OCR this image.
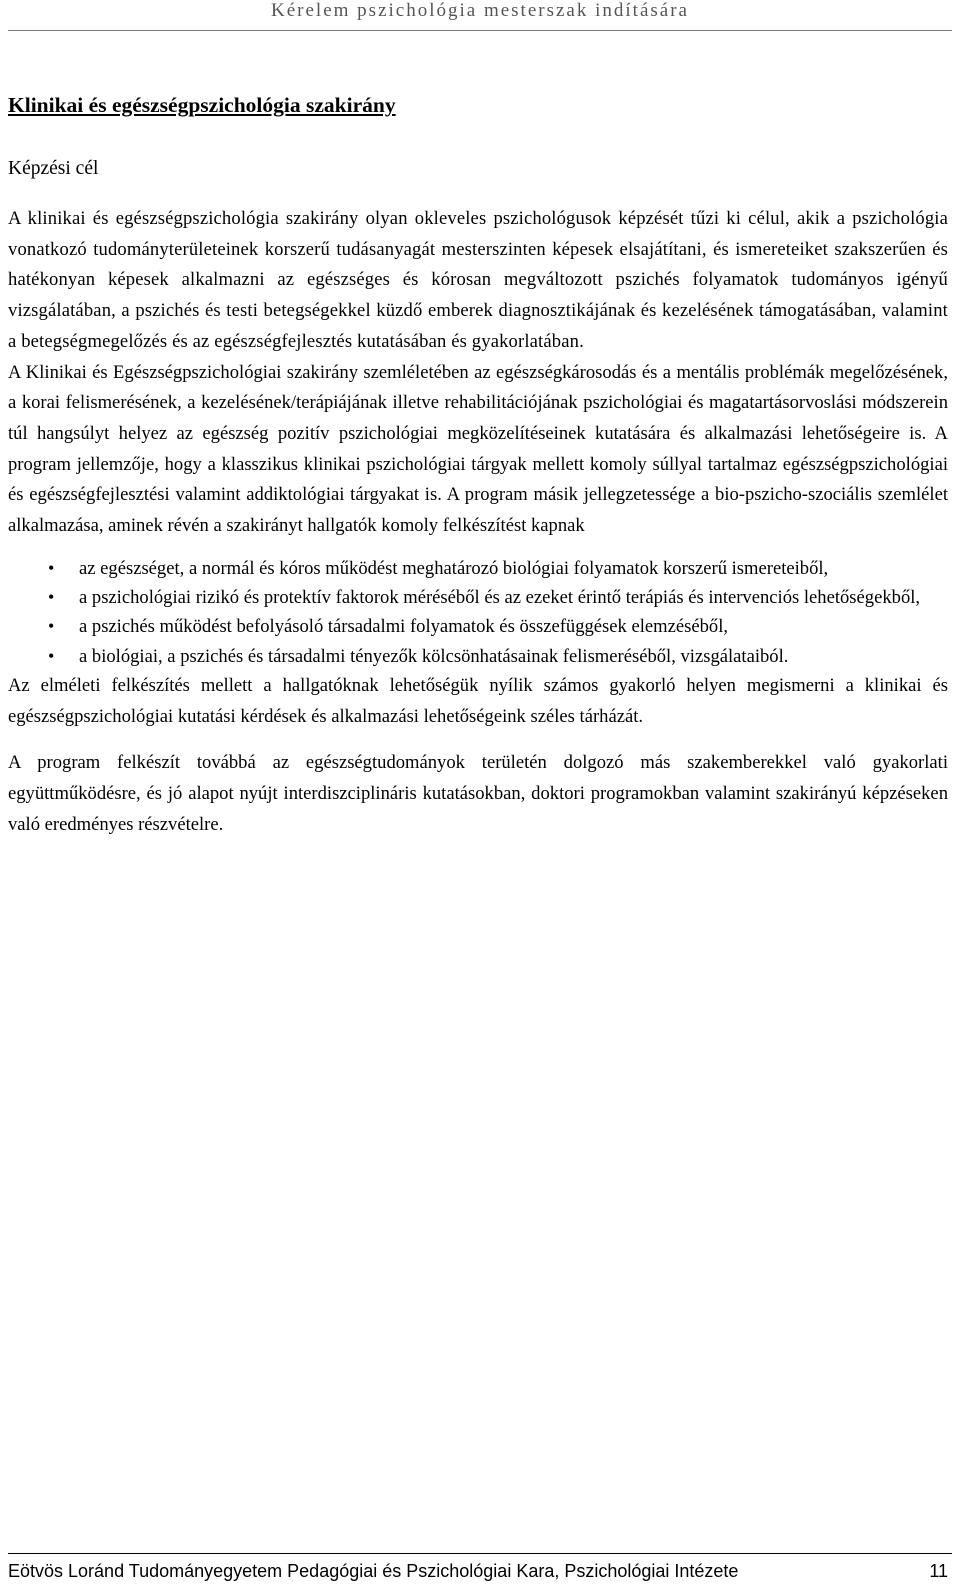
Kérelem pszichológia mesterszak indítására
Klinikai és egészségpszichológia szakirány
Képzési cél

A klinikai és egészségpszichológia szakirány olyan okleveles pszichológusok képzését tűzi ki célul, akik a pszichológia vonatkozó tudományterületeinek korszerű tudásanyagát mesterszinten képesek elsajátítani, és ismereteiket szakszerűen és hatékonyan képesek alkalmazni az egészséges és kórosan megváltozott pszichés folyamatok tudományos igényű vizsgálatában, a pszichés és testi betegségekkel küzdő emberek diagnosztikájának és kezelésének támogatásában, valamint a betegségmegelőzés és az egészségfejlesztés kutatásában és gyakorlatában.

A Klinikai és Egészségpszichológiai szakirány szemléletében az egészségkárosodás és a mentális problémák megelőzésének, a korai felismerésének, a kezelésének/terápiájának illetve rehabilitációjának pszichológiai és magatartásorvoslási módszerein túl hangsúlyt helyez az egészség pozitív pszichológiai megközelítéseinek kutatására és alkalmazási lehetőségeire is. A program jellemzője, hogy a klasszikus klinikai pszichológiai tárgyak mellett komoly súllyal tartalmaz egészségpszichológiai és egészségfejlesztési valamint addiktológiai tárgyakat is. A program másik jellegzetessége a bio-pszicho-szociális szemlélet alkalmazása, aminek révén a szakirányt hallgatók komoly felkészítést kapnak

• az egészséget, a normál és kóros működést meghatározó biológiai folyamatok korszerű ismereteiből,
• a pszichológiai rizikó és protektív faktorok méréséből és az ezeket érintő terápiás és intervenciós lehetőségekből,
• a pszichés működést befolyásoló társadalmi folyamatok és összefüggések elemzéséből,
• a biológiai, a pszichés és társadalmi tényezők kölcsönhatásainak felismeréséből, vizsgálataiból.

Az elméleti felkészítés mellett a hallgatóknak lehetőségük nyílik számos gyakorló helyen megismerni a klinikai és egészségpszichológiai kutatási kérdések és alkalmazási lehetőségeink széles tárházát.

A program felkészít továbbá az egészségtudományok területén dolgozó más szakemberekkel való gyakorlati együttműködésre, és jó alapot nyújt interdiszciplináris kutatásokban, doktori programokban valamint szakirányú képzéseken való eredményes részvételre.

Eötvös Loránd Tudományegyetem Pedagógiai és Pszichológiai Kara, Pszichológiai Intézete	11
